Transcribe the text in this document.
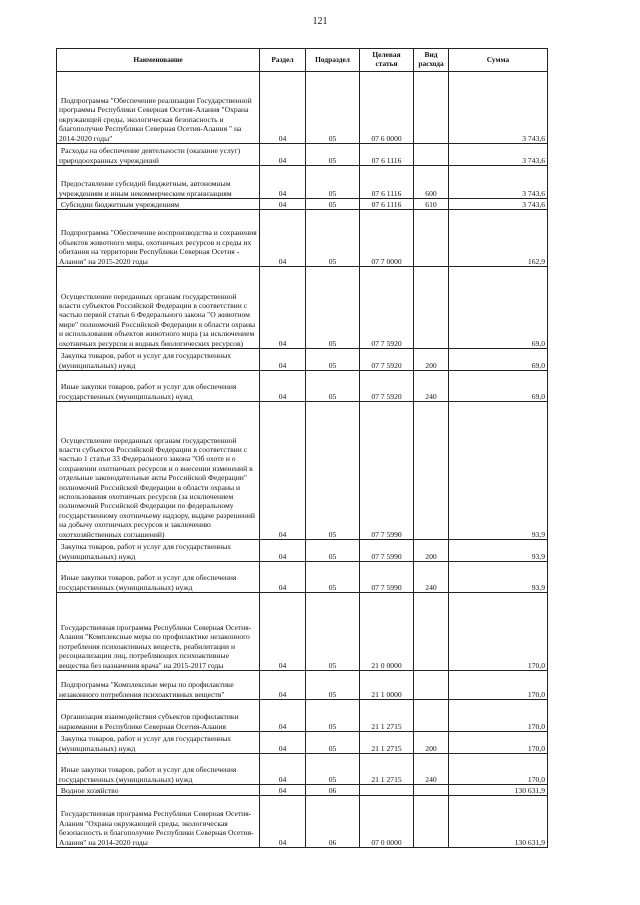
121
Наименование	Раздел	Подраздел	Целевая статья	Вид расхода	Сумма
Подпрограмма "Обеспечение реализации Государственной программы Республики Северная Осетия-Алания "Охрана окружающей среды, экологическая безопасность и благополучие Республики Северная Осетия-Алания " на 2014-2020 годы"	04	05	07 6 0000		3 743,6
Расходы на обеспечение деятельности (оказание услуг) природоохранных учреждений	04	05	07 6 1116		3 743,6
Предоставление субсидий бюджетным, автономным учреждениям и иным некоммерческим организациям	04	05	07 6 1116	600	3 743,6
Субсидии бюджетным учреждениям	04	05	07 6 1116	610	3 743,6
Подпрограмма "Обеспечение воспроизводства и сохранения объектов животного мира, охотничьих ресурсов и среды их обитания на территории Республики Северная Осетия - Алания" на 2015-2020 годы	04	05	07 7 0000		162,9
Осуществление переданных органам государственной власти субъектов Российской Федерации в соответствии с частью первой статьи 6 Федерального закона "О животном мире" полномочий Российской Федерации в области охраны и использования объектов животного мира (за исключением охотничьих ресурсов и водных биологических ресурсов)	04	05	07 7 5920		69,0
Закупка товаров, работ и услуг для государственных (муниципальных) нужд	04	05	07 7 5920	200	69,0
Иные закупки товаров, работ и услуг для обеспечения государственных (муниципальных) нужд	04	05	07 7 5920	240	69,0
Осуществление переданных органам государственной власти субъектов Российской Федерации в соответствии с частью 1 статьи 33 Федерального закона "Об охоте и о сохранении охотничьих ресурсов и о внесении изменений в отдельные законодательные акты Российской Федерации" полномочий Российской Федерации в области охраны и использования охотничьих ресурсов (за исключением полномочий Российской Федерации по федеральному государственному охотничьему надзору, выдаче разрешений на добычу охотничьих ресурсов и заключению охотхозяйственных соглашений)	04	05	07 7 5990		93,9
Закупка товаров, работ и услуг для государственных (муниципальных) нужд	04	05	07 7 5990	200	93,9
Иные закупки товаров, работ и услуг для обеспечения государственных (муниципальных) нужд	04	05	07 7 5990	240	93,9
Государственная программа Республики Северная Осетия-Алания "Комплексные меры по профилактике незаконного потребления психоактивных веществ, реабилитации и ресоциализации лиц, потребляющих психоактивные вещества без назначения врача" на 2015-2017 годы	04	05	21 0 0000		170,0
Подпрограмма "Комплексные меры по профилактике незаконного потребления психоактивных веществ"	04	05	21 1 0000		170,0
Организация взаимодействия субъектов профилактики наркомании в Республике Северная Осетия-Алания	04	05	21 1 2715		170,0
Закупка товаров, работ и услуг для государственных (муниципальных) нужд	04	05	21 1 2715	200	170,0
Иные закупки товаров, работ и услуг для обеспечения государственных (муниципальных) нужд	04	05	21 1 2715	240	170,0
Водное хозяйство	04	06			130 631,9
Государственная программа Республики Северная Осетия-Алания "Охрана окружающей среды, экологическая безопасность и благополучие Республики Северная Осетия-Алания" на 2014-2020 годы	04	06	07 0 0000		130 631,9
